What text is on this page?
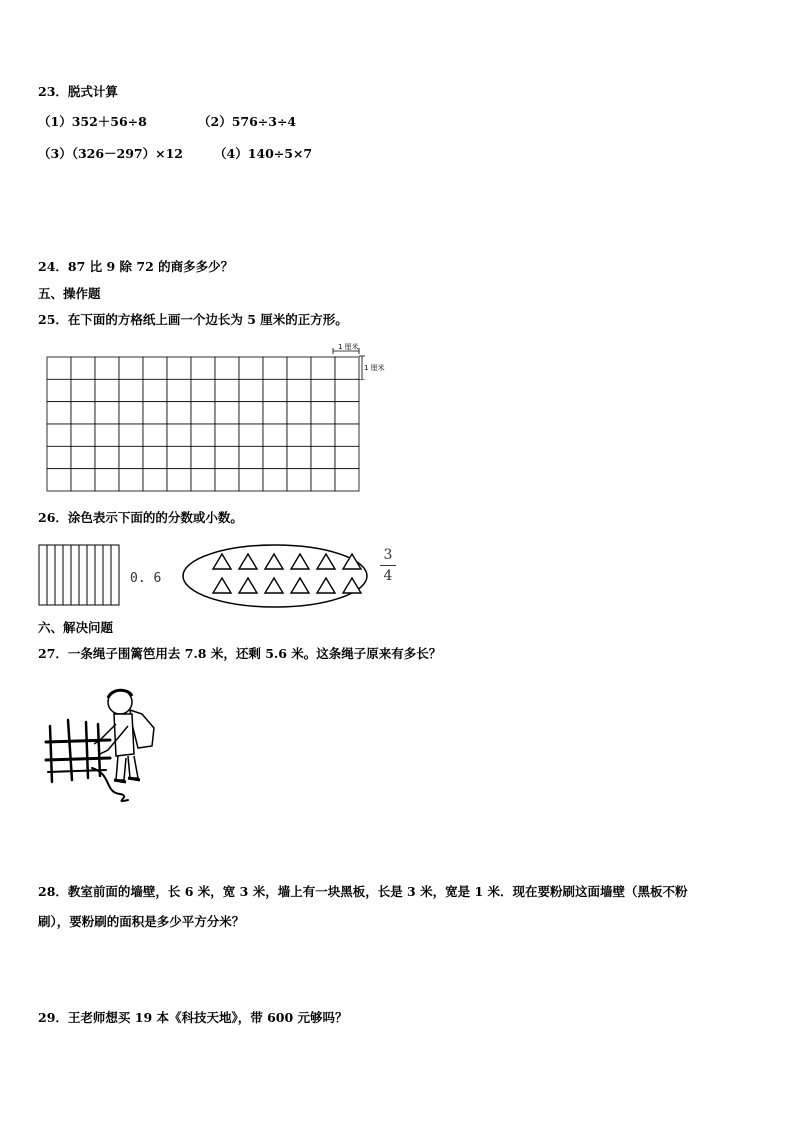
23．脱式计算
（1）352＋56÷8	（2）576÷3÷4
（3）（326－297）×12 （4）140÷5×7
24．87 比 9 除 72 的商多多少？
五、操作题
25．在下面的方格纸上画一个边长为 5 厘米的正方形。
1 厘米
1 厘米
26．涂色表示下面的的分数或小数。
0. 6
3
4
六、解决问题
27．一条绳子围篱笆用去 7.8 米，还剩 5.6 米。这条绳子原来有多长？
28．教室前面的墙壁，长 6 米，宽 3 米，墙上有一块黑板，长是 3 米，宽是 1 米．现在要粉刷这面墙壁（黑板不粉
刷），要粉刷的面积是多少平方分米？
29．王老师想买 19 本《科技天地》，带 600 元够吗？
